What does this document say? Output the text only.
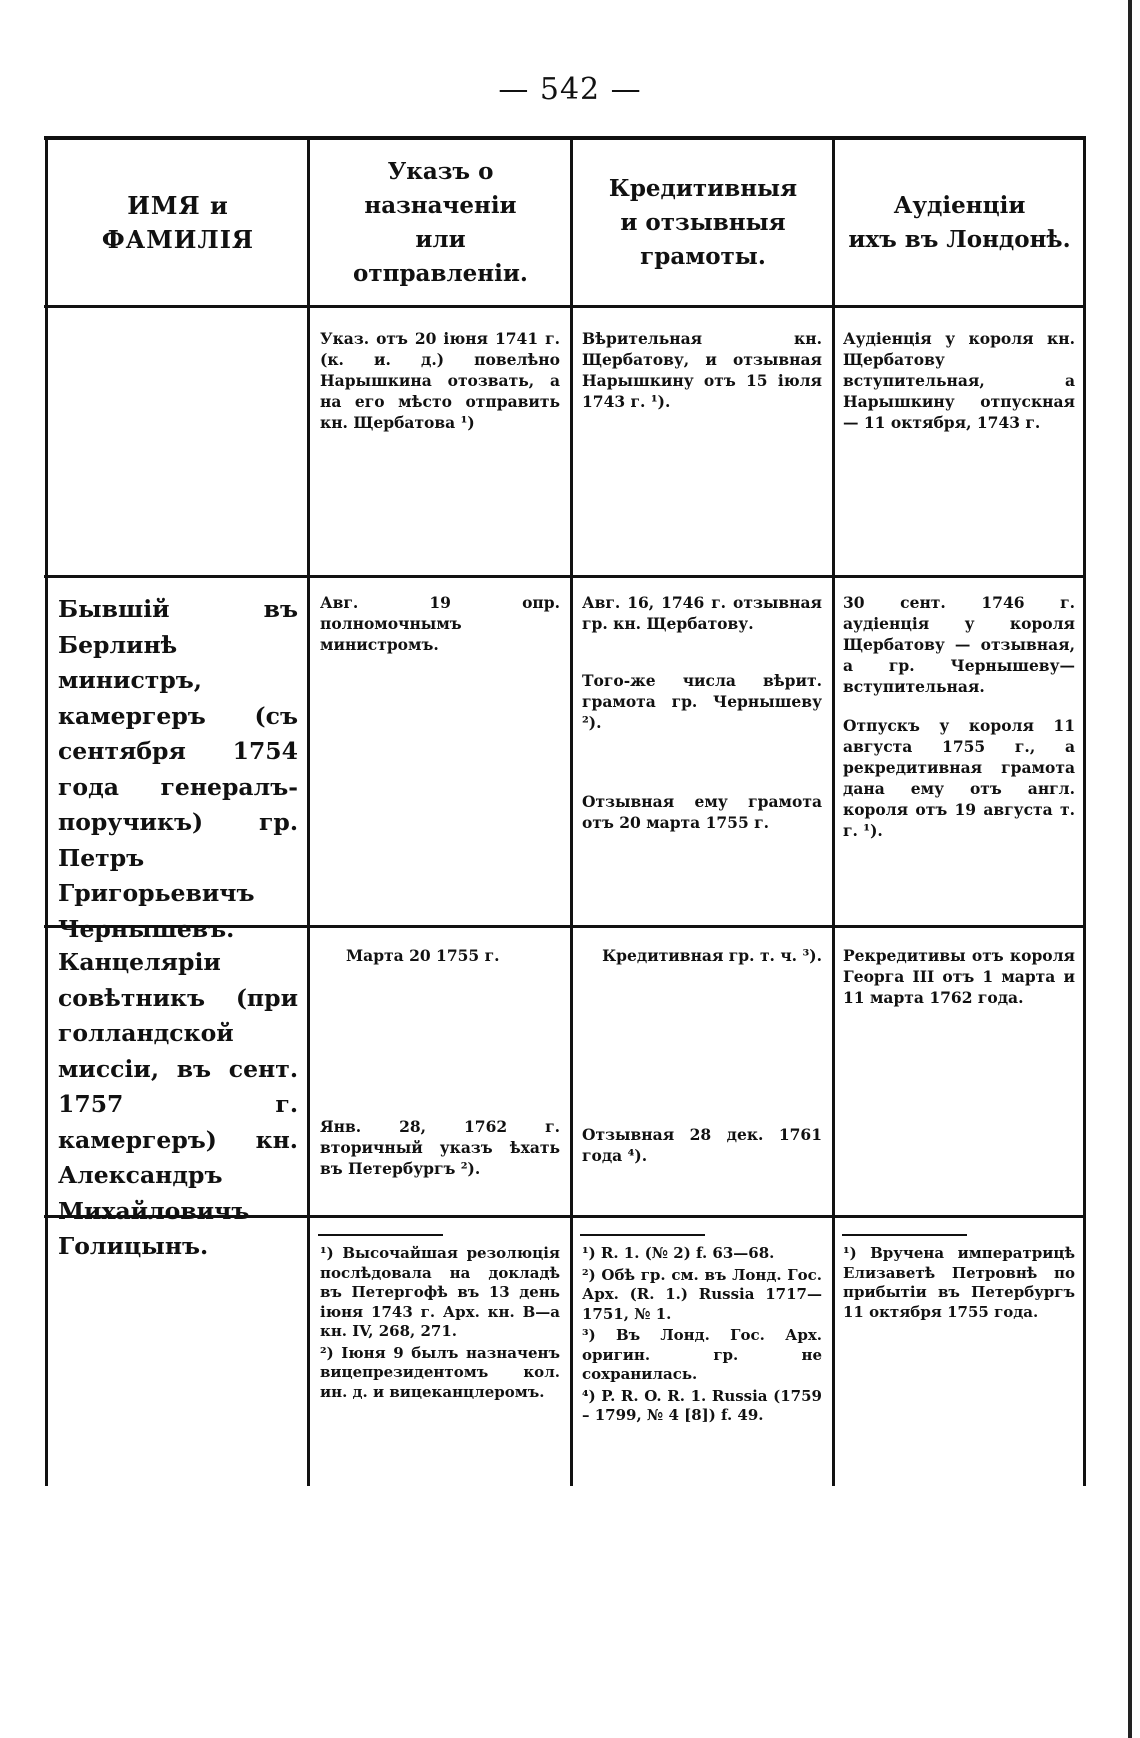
— 542 —
ИМЯ и ФАМИЛІЯ
Указъ о назначеніи
или
отправленіи.
Кредитивныя
и отзывныя грамоты.
Аудіенціи
ихъ въ Лондонѣ.

Указ. отъ 20 іюня 1741 г. (к. и. д.) повелѣно Нарышкина отозвать, а на его мѣсто отправить кн. Щербатова ¹)

Вѣрительная кн. Щербатову, и отзывная Нарышкину отъ 15 іюля 1743 г. ¹).

Аудіенція у короля кн. Щербатову вступительная, а Нарышкину отпускная — 11 октября, 1743 г.

Бывшій въ Берлинѣ министръ, камергеръ (съ сентября 1754 года генералъ-поручикъ) гр. Петръ Григорьевичъ Чернышевъ.

Авг. 19 опр. полномочнымъ министромъ.

Авг. 16, 1746 г. отзывная гр. кн. Щербатову.

Того-же числа вѣрит. грамота гр. Чернышеву ²).

Отзывная ему грамота отъ 20 марта 1755 г.

30 сент. 1746 г. аудіенція у короля Щербатову — отзывная, а гр. Чернышеву—вступительная.

Отпускъ у короля 11 августа 1755 г., а рекредитивная грамота дана ему отъ англ. короля отъ 19 августа т. г. ¹).

Канцеляріи совѣтникъ (при голландской миссіи, въ сент. 1757 г. камергеръ) кн. Александръ Михайловичъ Голицынъ.

Марта 20 1755 г.

Янв. 28, 1762 г. вторичный указъ ѣхать въ Петербургъ ²).

Кредитивная гр. т. ч. ³).

Отзывная 28 дек. 1761 года ⁴).

Рекредитивы отъ короля Георга III отъ 1 марта и 11 марта 1762 года.

¹) Высочайшая резолюція послѣдовала на докладѣ въ Петергофѣ въ 13 день іюня 1743 г. Арх. кн. В—а кн. IV, 268, 271.

²) Іюня 9 былъ назначенъ вицепрезидентомъ кол. ин. д. и вицеканцлеромъ.

¹) R. 1. (№ 2) f. 63—68.

²) Обѣ гр. см. въ Лонд. Гос. Арх. (R. 1.) Russia 1717—1751, № 1.

³) Въ Лонд. Гос. Арх. оригин. гр. не сохранилась.

⁴) P. R. O. R. 1. Russia (1759 – 1799, № 4 [8]) f. 49.

¹) Вручена императрицѣ Елизаветѣ Петровнѣ по прибытіи въ Петербургъ 11 октября 1755 года.
